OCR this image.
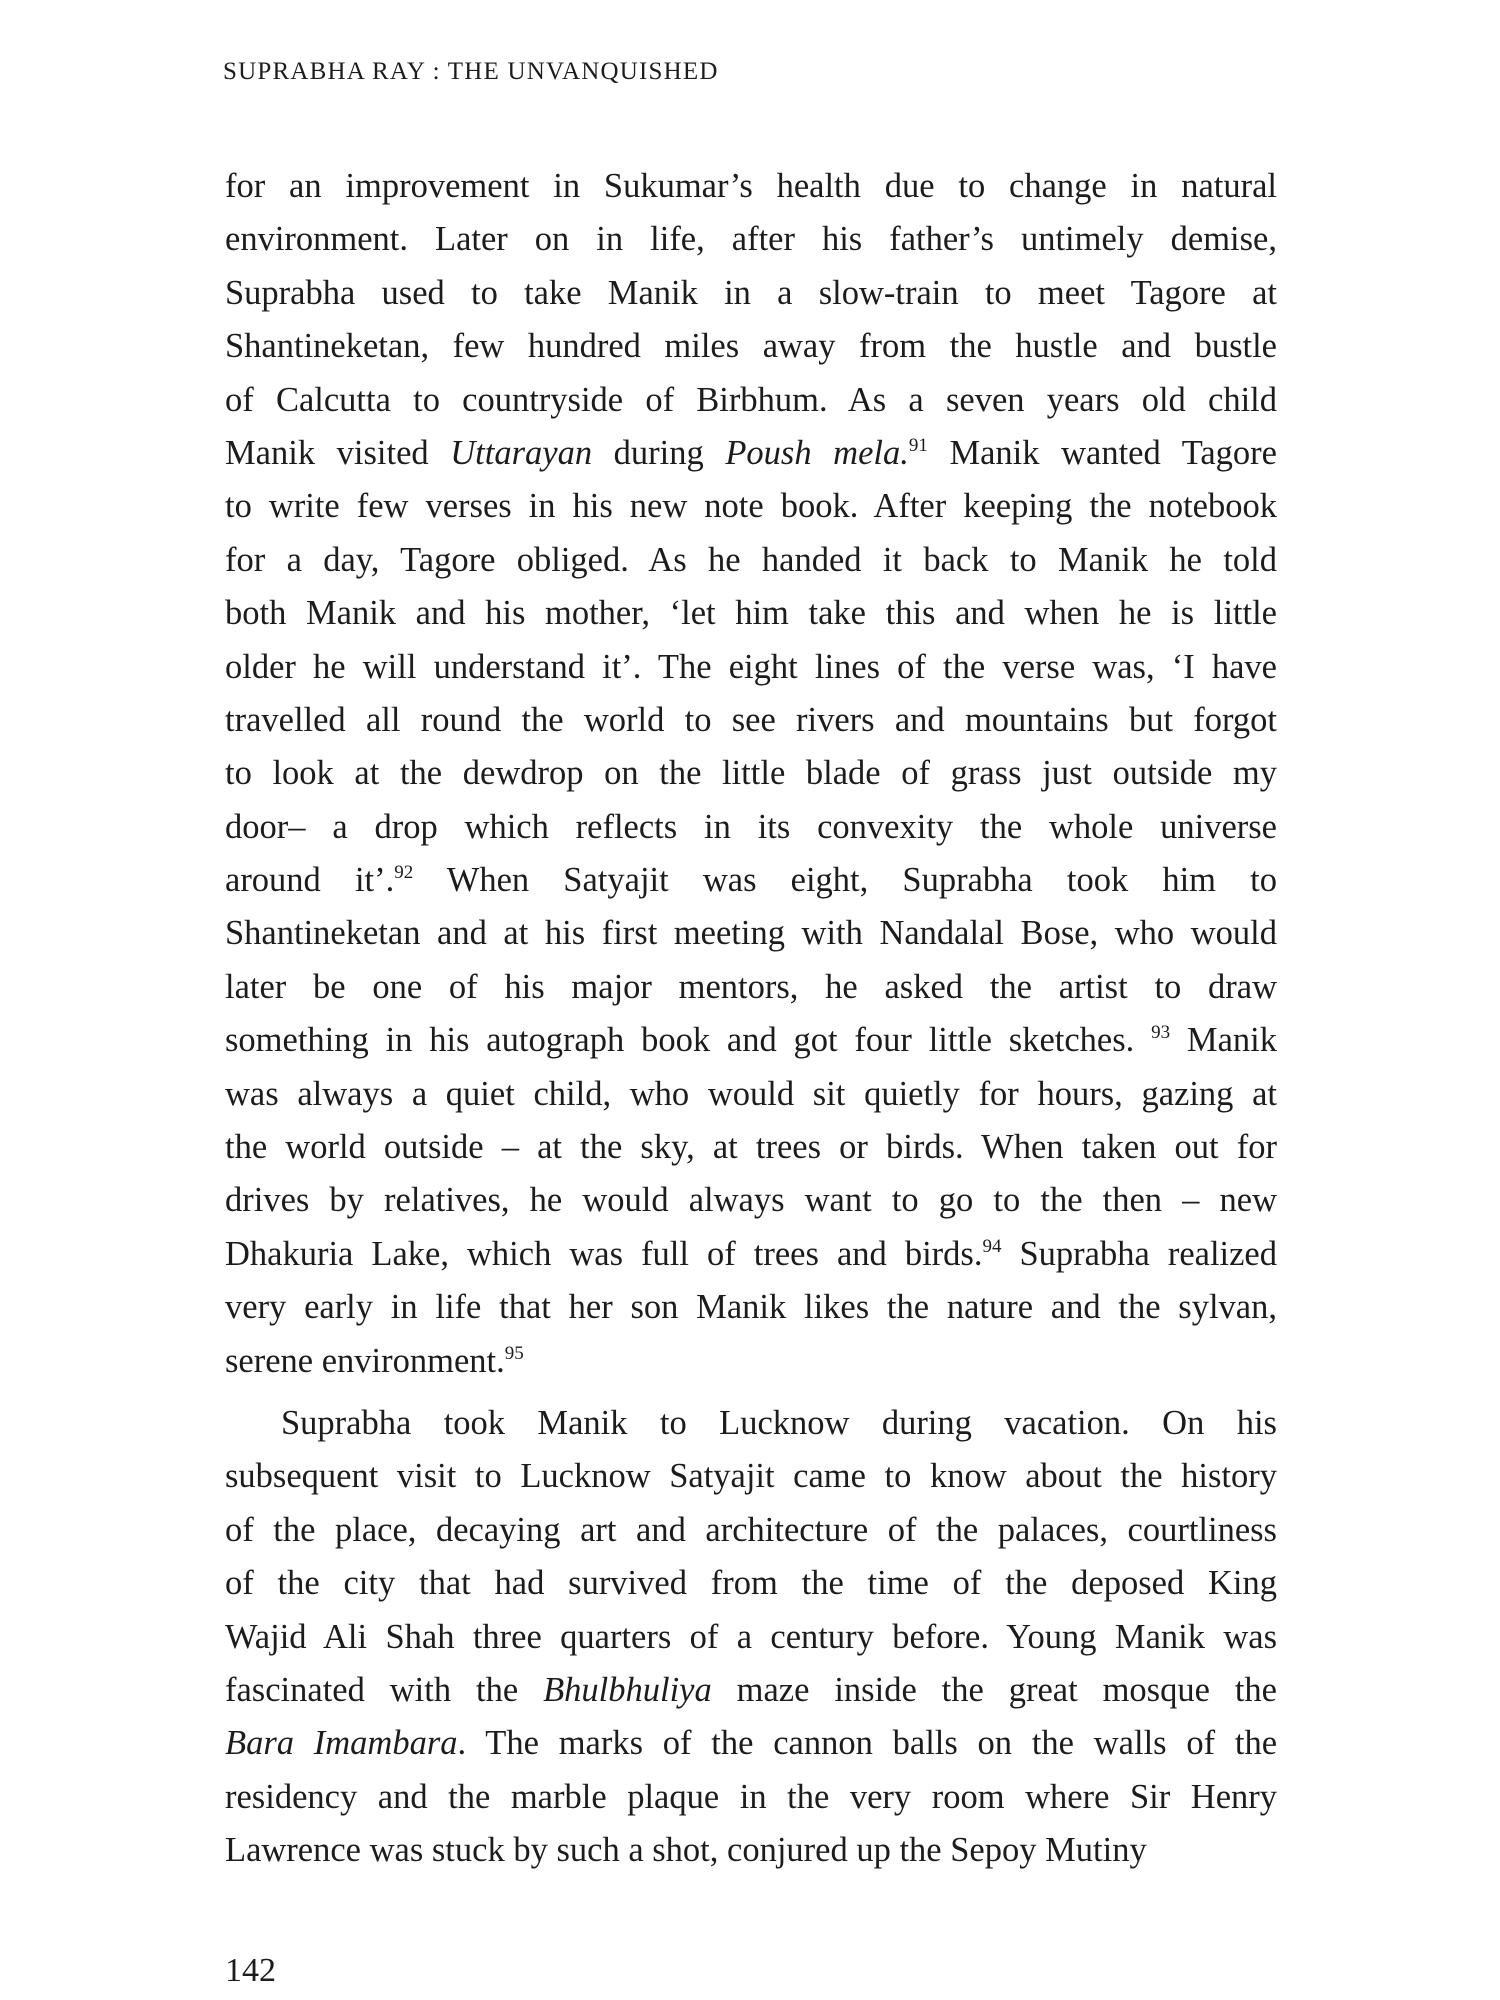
SUPRABHA RAY : THE UNVANQUISHED
for an improvement in Sukumar’s health due to change in natural
environment. Later on in life, after his father’s untimely demise,
Suprabha used to take Manik in a slow-train to meet Tagore at
Shantineketan, few hundred miles away from the hustle and bustle
of Calcutta to countryside of Birbhum. As a seven years old child
Manik visited Uttarayan during Poush mela.$^{91}$ Manik wanted Tagore
to write few verses in his new note book. After keeping the notebook
for a day, Tagore obliged. As he handed it back to Manik he told
both Manik and his mother, ‘let him take this and when he is little
older he will understand it’. The eight lines of the verse was, ‘I have
travelled all round the world to see rivers and mountains but forgot
to look at the dewdrop on the little blade of grass just outside my
door– a drop which reflects in its convexity the whole universe
around it’.$^{92}$ When Satyajit was eight, Suprabha took him to
Shantineketan and at his first meeting with Nandalal Bose, who would
later be one of his major mentors, he asked the artist to draw
something in his autograph book and got four little sketches. $^{93}$ Manik
was always a quiet child, who would sit quietly for hours, gazing at
the world outside – at the sky, at trees or birds. When taken out for
drives by relatives, he would always want to go to the then – new
Dhakuria Lake, which was full of trees and birds.$^{94}$ Suprabha realized
very early in life that her son Manik likes the nature and the sylvan,
serene environment.$^{95}$
Suprabha took Manik to Lucknow during vacation. On his
subsequent visit to Lucknow Satyajit came to know about the history
of the place, decaying art and architecture of the palaces, courtliness
of the city that had survived from the time of the deposed King
Wajid Ali Shah three quarters of a century before. Young Manik was
fascinated with the Bhulbhuliya maze inside the great mosque the
Bara Imambara. The marks of the cannon balls on the walls of the
residency and the marble plaque in the very room where Sir Henry
Lawrence was stuck by such a shot, conjured up the Sepoy Mutiny
142
